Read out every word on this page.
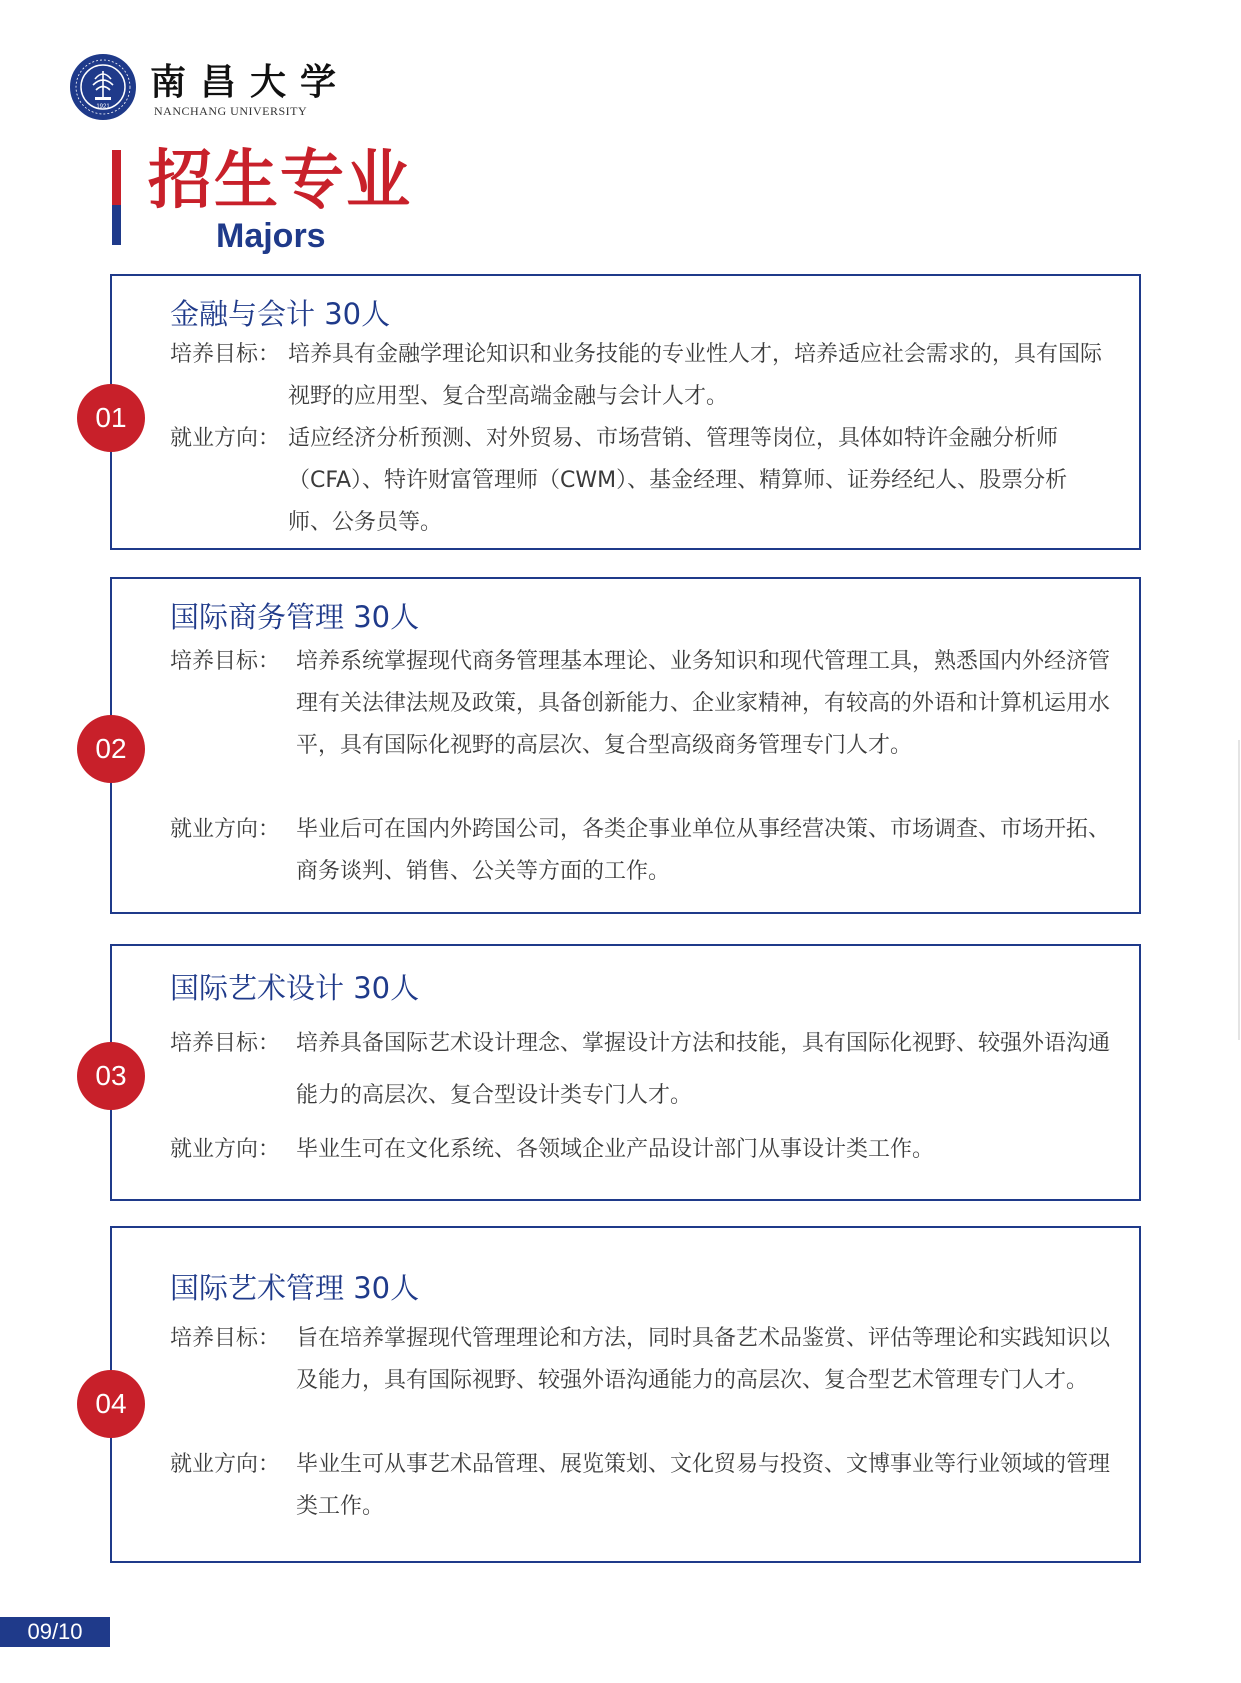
1921
南昌大学
NANCHANG UNIVERSITY
招生专业
Majors
01
金融与会计 30人
培养目标： 培养具有金融学理论知识和业务技能的专业性人才，培养适应社会需求的，具有国际视野的应用型、复合型高端金融与会计人才。
就业方向： 适应经济分析预测、对外贸易、市场营销、管理等岗位，具体如特许金融分析师（CFA）、特许财富管理师（CWM）、基金经理、精算师、证券经纪人、股票分析师、公务员等。
02
国际商务管理 30人
培养目标： 培养系统掌握现代商务管理基本理论、业务知识和现代管理工具，熟悉国内外经济管理有关法律法规及政策，具备创新能力、企业家精神，有较高的外语和计算机运用水平，具有国际化视野的高层次、复合型高级商务管理专门人才。
就业方向： 毕业后可在国内外跨国公司，各类企事业单位从事经营决策、市场调查、市场开拓、商务谈判、销售、公关等方面的工作。
03
国际艺术设计 30人
培养目标： 培养具备国际艺术设计理念、掌握设计方法和技能，具有国际化视野、较强外语沟通能力的高层次、复合型设计类专门人才。
就业方向： 毕业生可在文化系统、各领域企业产品设计部门从事设计类工作。
04
国际艺术管理 30人
培养目标： 旨在培养掌握现代管理理论和方法，同时具备艺术品鉴赏、评估等理论和实践知识以及能力，具有国际视野、较强外语沟通能力的高层次、复合型艺术管理专门人才。
就业方向： 毕业生可从事艺术品管理、展览策划、文化贸易与投资、文博事业等行业领域的管理类工作。
09/10
